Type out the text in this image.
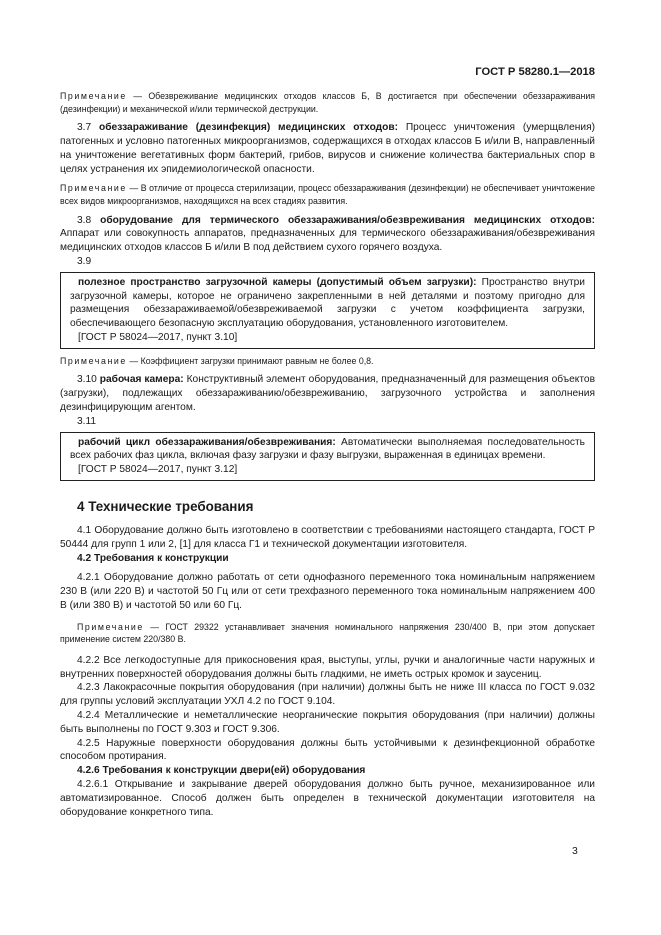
ГОСТ Р 58280.1—2018

Примечание — Обезвреживание медицинских отходов классов Б, В достигается при обеспечении обеззараживания (дезинфекции) и механической и/или термической деструкции.

3.7 обеззараживание (дезинфекция) медицинских отходов: Процесс уничтожения (умерщвления) патогенных и условно патогенных микроорганизмов, содержащихся в отходах классов Б и/или В, направленный на уничтожение вегетативных форм бактерий, грибов, вирусов и снижение количества бактериальных спор в целях устранения их эпидемиологической опасности.

Примечание — В отличие от процесса стерилизации, процесс обеззараживания (дезинфекции) не обеспечивает уничтожение всех видов микроорганизмов, находящихся на всех стадиях развития.

3.8 оборудование для термического обеззараживания/обезвреживания медицинских отходов: Аппарат или совокупность аппаратов, предназначенных для термического обеззараживания/обезвреживания медицинских отходов классов Б и/или В под действием сухого горячего воздуха.

3.9

полезное пространство загрузочной камеры (допустимый объем загрузки): Пространство внутри загрузочной камеры, которое не ограничено закрепленными в ней деталями и поэтому пригодно для размещения обеззараживаемой/обезвреживаемой загрузки с учетом коэффициента загрузки, обеспечивающего безопасную эксплуатацию оборудования, установленного изготовителем.

[ГОСТ Р 58024—2017, пункт 3.10]

Примечание — Коэффициент загрузки принимают равным не более 0,8.

3.10 рабочая камера: Конструктивный элемент оборудования, предназначенный для размещения объектов (загрузки), подлежащих обеззараживанию/обезвреживанию, загрузочного устройства и заполнения дезинфицирующим агентом.

3.11

рабочий цикл обеззараживания/обезвреживания: Автоматически выполняемая последовательность всех рабочих фаз цикла, включая фазу загрузки и фазу выгрузки, выраженная в единицах времени.

[ГОСТ Р 58024—2017, пункт 3.12]

4 Технические требования

4.1 Оборудование должно быть изготовлено в соответствии с требованиями настоящего стандарта, ГОСТ Р 50444 для групп 1 или 2, [1] для класса Г1 и технической документации изготовителя.

4.2 Требования к конструкции

4.2.1 Оборудование должно работать от сети однофазного переменного тока номинальным напряжением 230 В (или 220 В) и частотой 50 Гц или от сети трехфазного переменного тока номинальным напряжением 400 В (или 380 В) и частотой 50 или 60 Гц.

Примечание — ГОСТ 29322 устанавливает значения номинального напряжения 230/400 В, при этом допускает применение систем 220/380 В.

4.2.2 Все легкодоступные для прикосновения края, выступы, углы, ручки и аналогичные части наружных и внутренних поверхностей оборудования должны быть гладкими, не иметь острых кромок и заусениц.

4.2.3 Лакокрасочные покрытия оборудования (при наличии) должны быть не ниже III класса по ГОСТ 9.032 для группы условий эксплуатации УХЛ 4.2 по ГОСТ 9.104.

4.2.4 Металлические и неметаллические неорганические покрытия оборудования (при наличии) должны быть выполнены по ГОСТ 9.303 и ГОСТ 9.306.

4.2.5 Наружные поверхности оборудования должны быть устойчивыми к дезинфекционной обработке способом протирания.

4.2.6 Требования к конструкции двери(ей) оборудования

4.2.6.1 Открывание и закрывание дверей оборудования должно быть ручное, механизированное или автоматизированное. Способ должен быть определен в технической документации изготовителя на оборудование конкретного типа.

3
